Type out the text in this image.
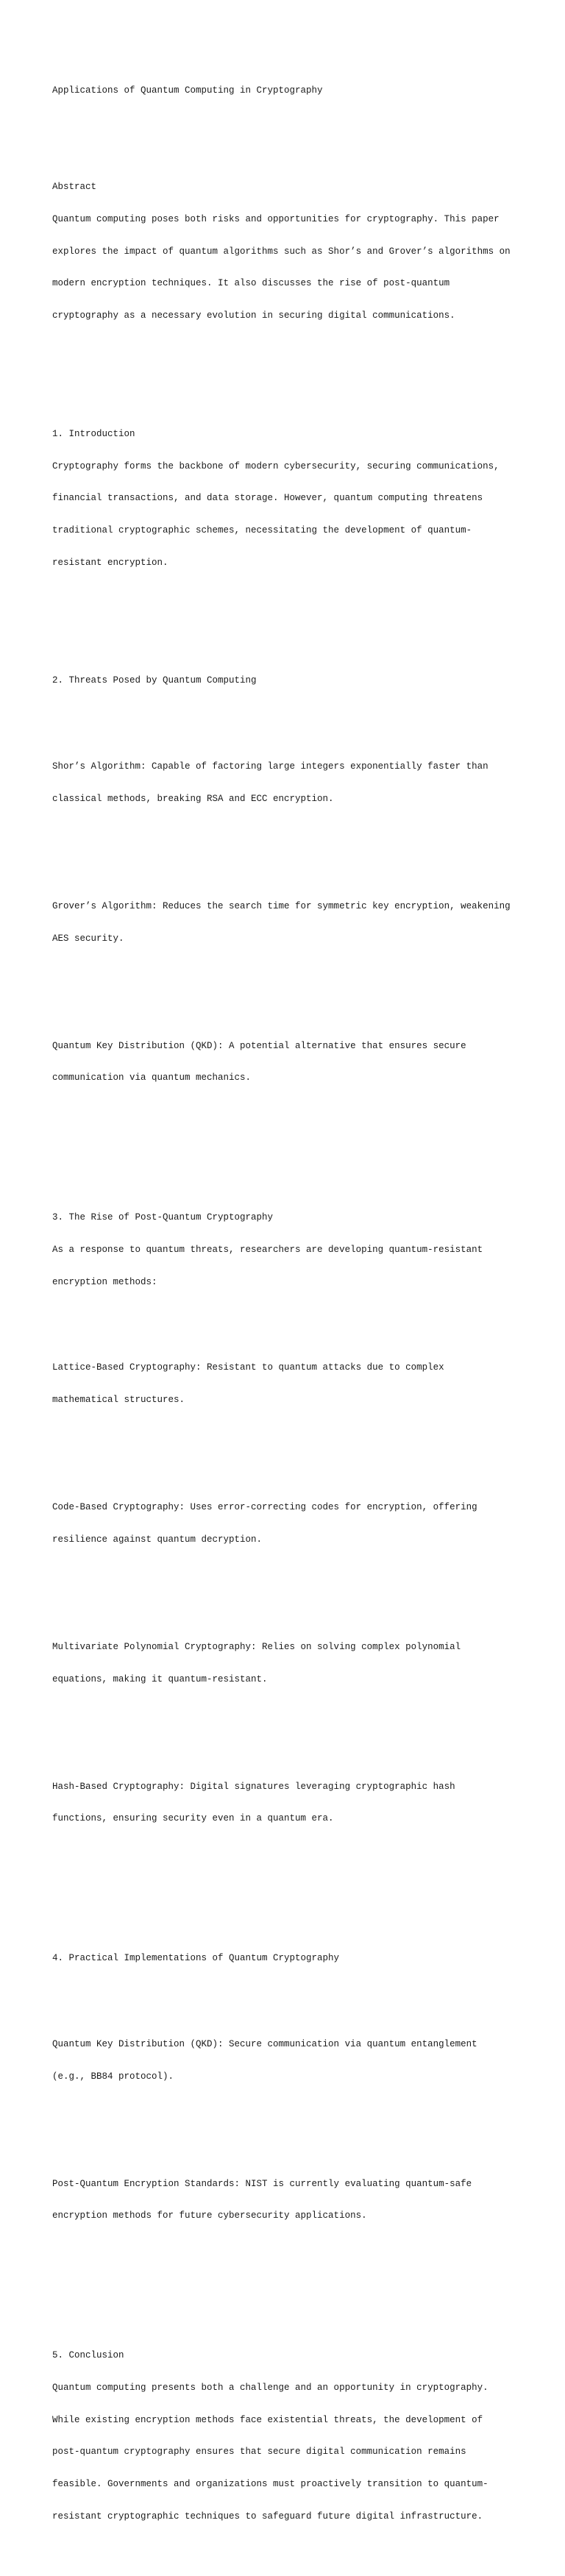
Applications of Quantum Computing in Cryptography

Abstract

Quantum computing poses both risks and opportunities for cryptography. This paper

explores the impact of quantum algorithms such as Shor’s and Grover’s algorithms on

modern encryption techniques. It also discusses the rise of post-quantum

cryptography as a necessary evolution in securing digital communications.

1. Introduction

Cryptography forms the backbone of modern cybersecurity, securing communications,

financial transactions, and data storage. However, quantum computing threatens

traditional cryptographic schemes, necessitating the development of quantum-

resistant encryption.

2. Threats Posed by Quantum Computing

Shor’s Algorithm: Capable of factoring large integers exponentially faster than

classical methods, breaking RSA and ECC encryption.

Grover’s Algorithm: Reduces the search time for symmetric key encryption, weakening

AES security.

Quantum Key Distribution (QKD): A potential alternative that ensures secure

communication via quantum mechanics.

3. The Rise of Post-Quantum Cryptography

As a response to quantum threats, researchers are developing quantum-resistant

encryption methods:

Lattice-Based Cryptography: Resistant to quantum attacks due to complex

mathematical structures.

Code-Based Cryptography: Uses error-correcting codes for encryption, offering

resilience against quantum decryption.

Multivariate Polynomial Cryptography: Relies on solving complex polynomial

equations, making it quantum-resistant.

Hash-Based Cryptography: Digital signatures leveraging cryptographic hash

functions, ensuring security even in a quantum era.

4. Practical Implementations of Quantum Cryptography

Quantum Key Distribution (QKD): Secure communication via quantum entanglement

(e.g., BB84 protocol).

Post-Quantum Encryption Standards: NIST is currently evaluating quantum-safe

encryption methods for future cybersecurity applications.

5. Conclusion

Quantum computing presents both a challenge and an opportunity in cryptography.

While existing encryption methods face existential threats, the development of

post-quantum cryptography ensures that secure digital communication remains

feasible. Governments and organizations must proactively transition to quantum-

resistant cryptographic techniques to safeguard future digital infrastructure.
